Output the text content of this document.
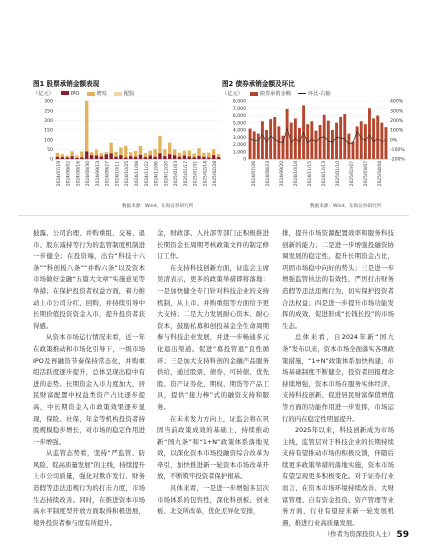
图1 股票承销金额表现
（亿元）	IPO	增发	配股
0
50
100
150
200
250
300
2024/07/19 2024/08/02 2024/08/16 2024/08/30 2024/09/13 2024/09/27 2024/10/11 2024/10/25 2024/11/08 2024/11/22 2024/12/06 2024/12/20 2025/01/03 2025/01/17 2025/01/31 2025/02/14 2025/02/28
数据来源：Wind，东海证券研究所
图2 债券承销金额及环比
（亿元）	债券承销金额	环比-右轴
0
1,000
2,000
3,000
4,000
5,000
6,000
7,000
8,000	400%
300%
200%
100%
0%
-100%
-200%
2024/07/26 2024/08/23 2024/09/20 2024/10/18 2024/11/15 2024/12/13 2025/01/10 2025/02/07 2025/03/07 2025/04/04
数据来源：Wind，东海证券研究所

披露、公司治理、并购重组、交易、退市、股东减持等行为的监管制度机制进一步健全；在投资端，出台“科技十六条”“科创板八条”“并购六条”以及资本市场做好金融“五篇大文章”实施意见等举措；在保护投资者权益方面，着力推动上市公司分红、回购，并持续引导中长期价值投资资金入市，提升投资者获得感。

从资本市场运行情况来看，近一年在政策推动和市场化引导下，一级市场IPO及再融资节奏保持常态化，并购重组活跃度逐步提升，总体呈现出稳中有进的态势。长期资金入市力度加大，居民财富配置中权益类资产占比逐步提高，中长期资金入市政策效果逐步显现，保险、社保、年金等机构投资者持股规模稳步增长，对市场的稳定作用进一步增强。

从监管态势看，坚持“严监管、防风险、促高质量发展”的主线，持续提升上市公司质量，强化对欺诈发行、财务造假等违法违规行为的打击力度，市场生态持续改善。同时，在推进资本市场高水平制度型开放方面取得积极进展，境外投资者参与度有所提升。

金，财政部、人社部等部门正积极推进长期资金长周期考核政策文件的制定修订工作。

在支持科技创新方面，证监会主席吴清表示，更多的政策举措即将落地：一是加快健全专门针对科技企业的支持机制，从上市、并购重组等方面给予更大支持；二是大力发展耐心资本、耐心资本，鼓励私募和创投基金全生命周期参与科技企业发展，并进一步畅通多元化退出渠道。促进“募投管退”良性循环；三是加大支持科创的金融产品服务供给，通过股票、债券、可转债、优先股、资产证券化、期权、期货等产品工具，提供“接力棒”式的融资支持和服务。

在未来发力方向上，证监会将在巩固当前政策成效的基础上，持续推动新“国九条”和“1+N”政策体系落地见效，以深化资本市场投融资综合改革为牵引，加快推进新一轮资本市场改革开放，不断筑牢投资者保护根基。

具体来看，一是进一步增强多层次市场体系的包容性，深化科创板、创业板、北交所改革，优化差异化安排，

排，提升市场资源配置效率和服务科技创新的能力；二是进一步增强投融资协调发展的稳定性，提升长期资金占比，巩固市场稳中向好的势头；三是进一步增强监管执法的有效性，严厉打击财务造假等违法违规行为，切实保护投资者合法权益；四是进一步提升市场功能发挥的成效，促进形成“长钱长投”的市场生态。

总体来看，自2024年新“国九条”发布以来，资本市场全面落实各项政策措施，“1+N”政策体系加快构建，市场基础制度不断健全，投资者回报理念持续增强，资本市场在服务实体经济、支持科技创新、促进居民财富保值增值等方面的功能作用进一步发挥，市场运行的内在稳定性明显提升。

2025年以来，科技创新成为市场主线，监管层对于科技企业的长期持续支持有望推动市场的积极反馈，伴随后续更多政策举措的落地实施，资本市场有望呈现更多积极变化。对于证券行业而言，在资本市场环境持续改善、大财富管理、自有资金投资、资产管理等业务方面，行业有望迎来新一轮发展机遇，推进行业高质量发展。

（作者为资深投资人士） 59
